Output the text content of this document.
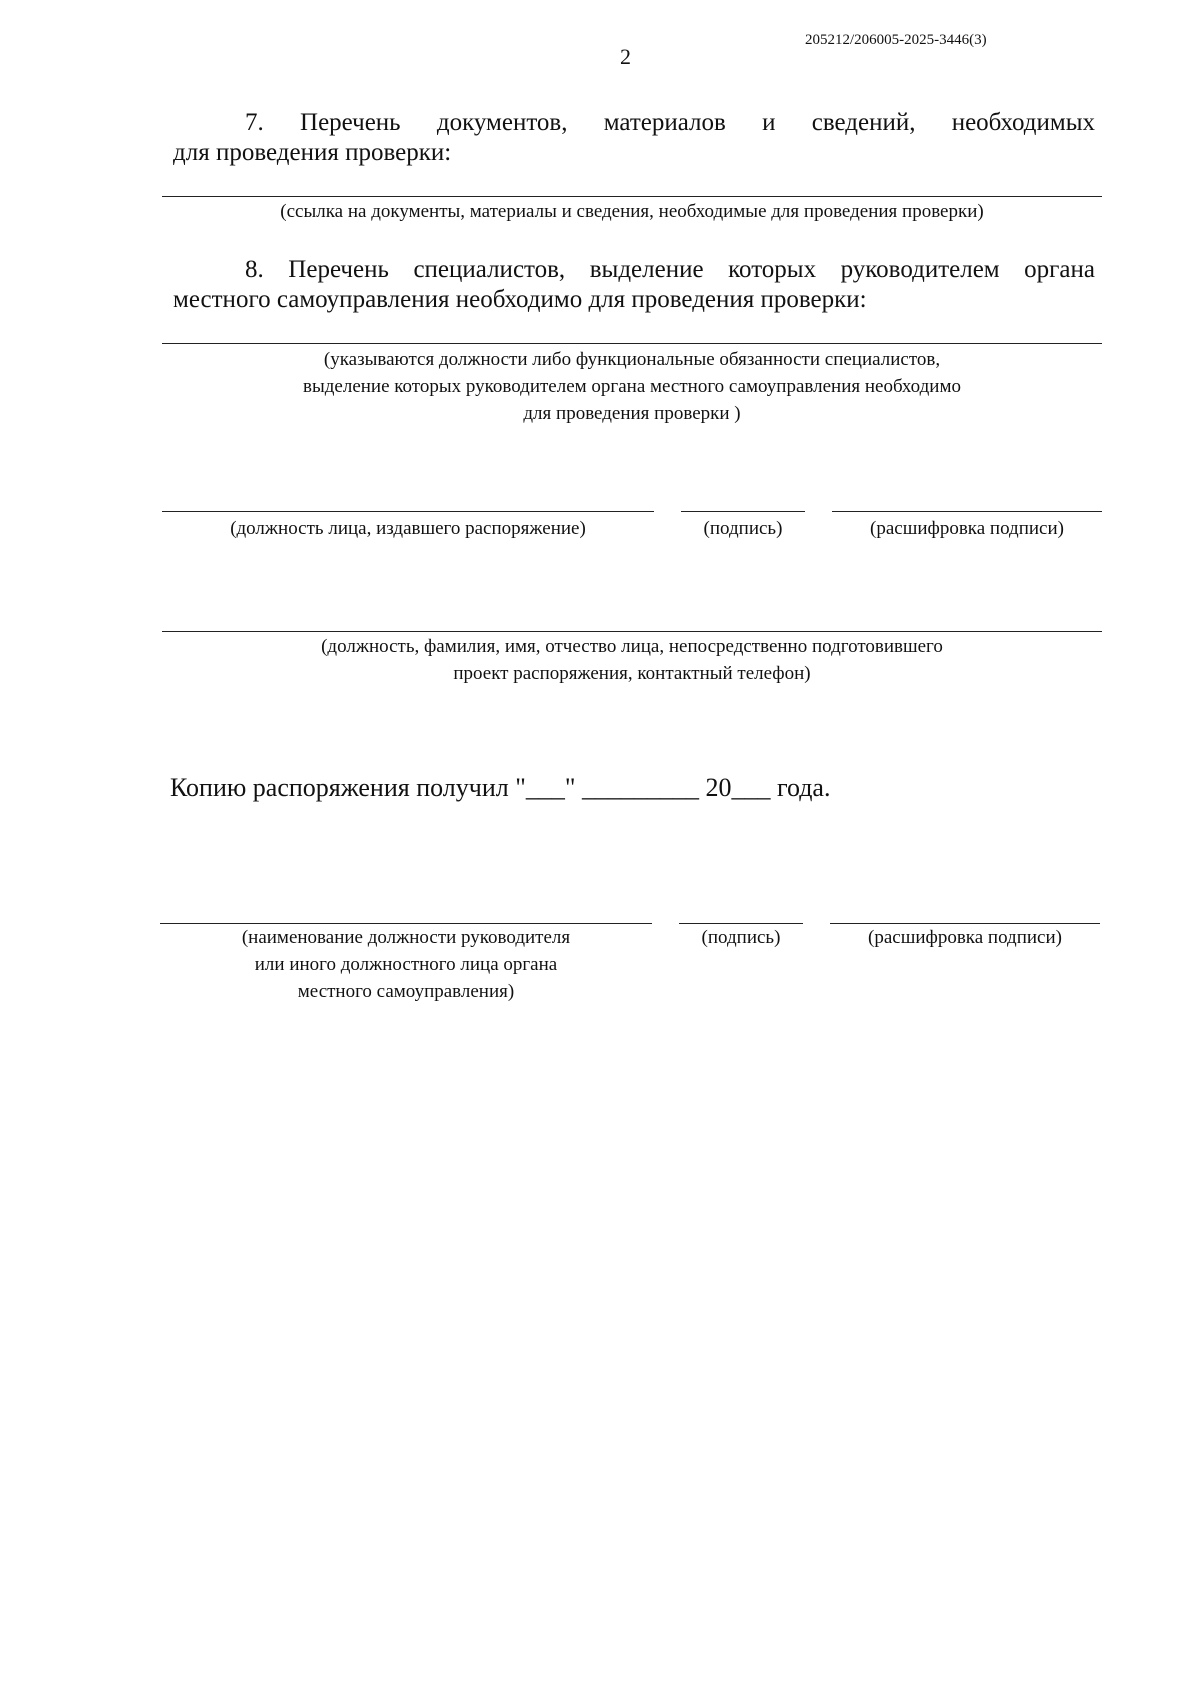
2
205212/206005-2025-3446(3)
7. Перечень документов, материалов и сведений, необходимых
для проведения проверки:
(ссылка на документы, материалы и сведения, необходимые для проведения проверки)
8. Перечень специалистов, выделение которых руководителем органа
местного самоуправления необходимо для проведения проверки:
(указываются должности либо функциональные обязанности специалистов,
выделение которых руководителем органа местного самоуправления необходимо
для проведения проверки )
(должность лица, издавшего распоряжение)	(подпись)	(расшифровка подписи)
(должность, фамилия, имя, отчество лица, непосредственно подготовившего
проект распоряжения, контактный телефон)
Копию распоряжения получил "___" _________ 20___ года.
(наименование должности руководителя
или иного должностного лица органа
местного самоуправления)
(подпись)	(расшифровка подписи)
